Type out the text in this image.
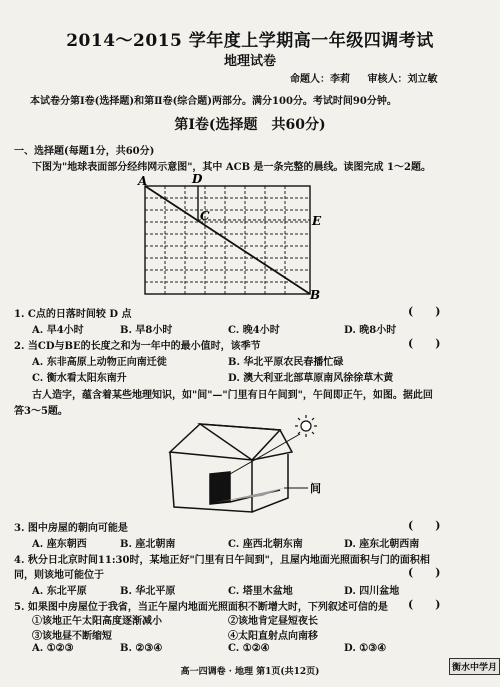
2014～2015 学年度上学期高一年级四调考试
地理试卷
命题人：李莉 审核人：刘立敏
本试卷分第Ⅰ卷(选择题)和第Ⅱ卷(综合题)两部分。满分100分。考试时间90分钟。
第Ⅰ卷(选择题　共60分)
一、选择题(每题1分，共60分)
下图为"地球表面部分经纬网示意图"，其中 ACB 是一条完整的晨线。读图完成 1～2题。
A	D
C	E
B
1. C点的日落时间较 D 点	(　　)
A. 早4小时	B. 早8小时	C. 晚4小时	D. 晚8小时
2. 当CD与BE的长度之和为一年中的最小值时，该季节	(　　)
A. 东非高原上动物正向南迁徙	B. 华北平原农民春播忙碌
C. 衡水看太阳东南升	D. 澳大利亚北部草原南风徐徐草木黄
古人造字，蕴含着某些地理知识，如"间"—"门里有日午间到"，午间即正午，如图。据此回
答3～5题。
间
3. 图中房屋的朝向可能是	(　　)
A. 座东朝西	B. 座北朝南	C. 座西北朝东南	D. 座东北朝西南
4. 秋分日北京时间11:30时，某地正好"门里有日午间到"，且屋内地面光照面积与门的面积相
同，则该地可能位于	(　　)
A. 东北平原	B. 华北平原	C. 塔里木盆地	D. 四川盆地
5. 如果图中房屋位于我省，当正午屋内地面光照面积不断增大时，下列叙述可信的是 (　　)
①该地正午太阳高度逐渐减小	②该地肯定昼短夜长
③该地昼不断缩短	④太阳直射点向南移
A. ①②③	B. ②③④	C. ①②④	D. ①③④
高一四调卷 · 地理 第1页(共12页)	衡水中学月
